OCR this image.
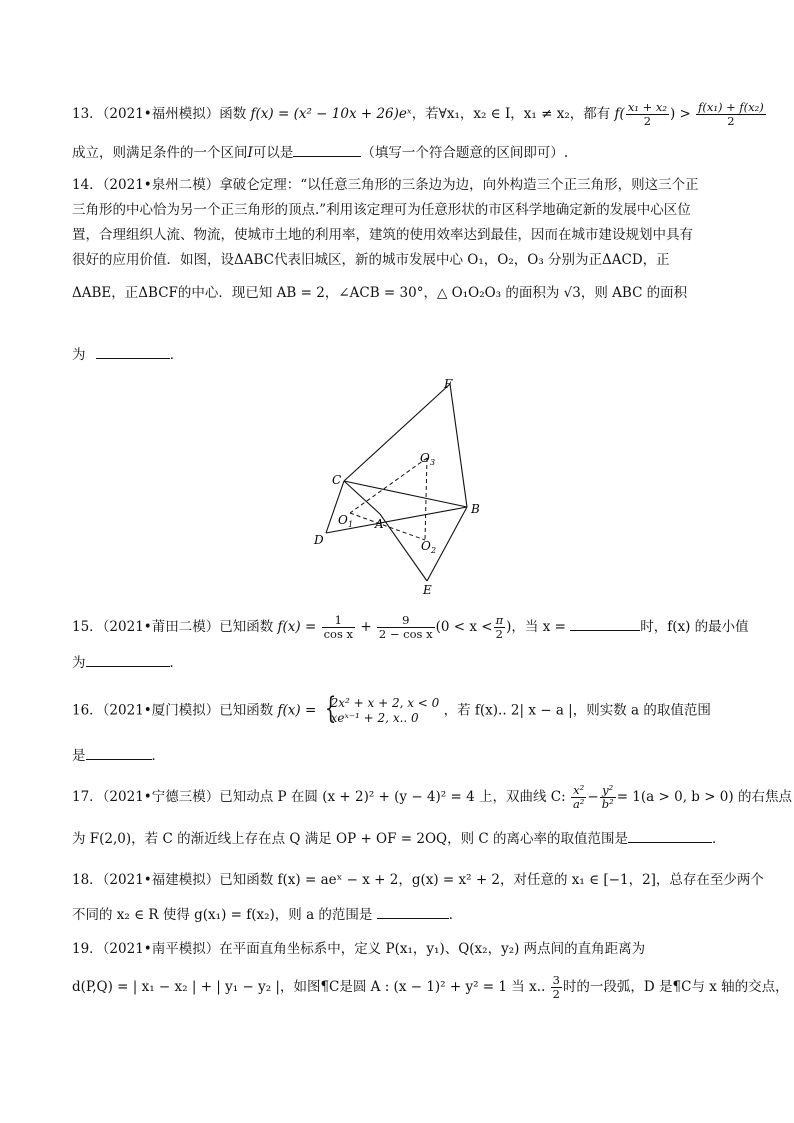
13．（2021•福州模拟）函数 f(x) = (x² − 10x + 26)eˣ，若∀x₁，x₂ ∈ I，x₁ ≠ x₂，都有 $f( \frac{\text{x₁ + x₂}}{2}$ ) > $\frac{\text{f(x₁) + f(x₂)}}{2}$
成立，则满足条件的一个区间I可以是	（填写一个符合题意的区间即可）.
14．（2021•泉州二模）拿破仑定理：“以任意三角形的三条边为边，向外构造三个正三角形，则这三个正
三角形的中心恰为另一个正三角形的顶点.”利用该定理可为任意形状的市区科学地确定新的发展中心区位
置，合理组织人流、物流，使城市土地的利用率，建筑的使用效率达到最佳，因而在城市建设规划中具有
很好的应用价值．如图，设ΔABC代表旧城区，新的城市发展中心 O₁，O₂，O₃ 分别为正ΔACD，正
ΔABE，正ΔBCF的中心．现已知 AB = 2，∠ACB = 30°，△ O₁O₂O₃ 的面积为 √3，则 ABC 的面积
为	．
F
O 3
C
B
O 1 A
D	O 2
E
15．（2021•莆田二模）已知函数 $f(x) = \frac{1}{\text{cos x}} + \frac{9}{\text{2 − cos x}} (0 < x < \frac{\pi}{2}$ )，当 x =	时，f(x) 的最小值
为	．
16．（2021•厦门模拟）已知函数 f(x) = {
2x² + x + 2, x < 0
xeˣ⁻¹ + 2, x.. 0	，若 f(x).. 2| x − a |，则实数 a 的取值范围
是	．
17．（2021•宁德三模）已知动点 P 在圆 (x + 2)² + (y − 4)² = 4 上，双曲线 C: $\frac{\text{x²}}{\text{a²}} - \frac{\text{y²}}{\text{b²}} = 1(a > 0$, b > 0) 的右焦点
为 F(2,0)，若 C 的渐近线上存在点 Q 满足 OP + OF = 2OQ，则 C 的离心率的取值范围是	．
18．（2021•福建模拟）已知函数 f(x) = aeˣ − x + 2，g(x) = x² + 2，对任意的 x₁ ∈ [−1，2]，总存在至少两个
不同的 x₂ ∈ R 使得 g(x₁) = f(x₂)，则 a 的范围是	．
19．（2021•南平模拟）在平面直角坐标系中，定义 P(x₁，y₁)、Q(x₂，y₂) 两点间的直角距离为
d(P,Q) = | x₁ − x₂ | + | y₁ − y₂ |，如图¶C是圆 A : (x − 1)² + y² = 1 当 x.. $\frac{3}{2}$ 时的一段弧，D 是¶C与 x 轴的交点，
